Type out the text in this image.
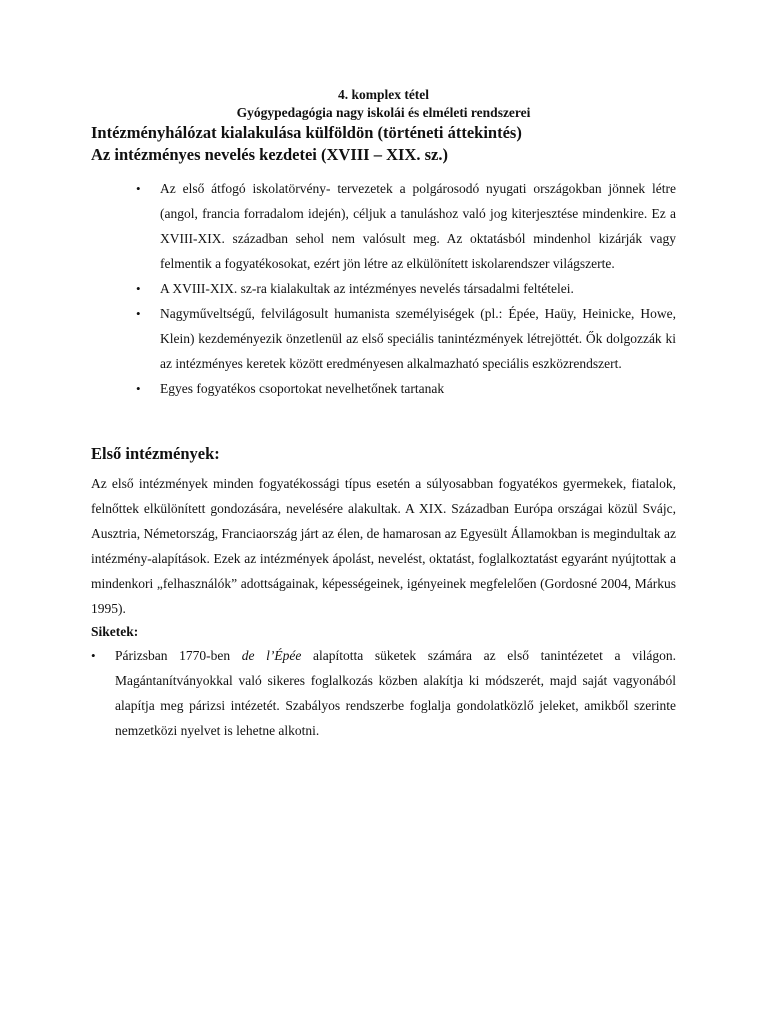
4. komplex tétel
Gyógypedagógia nagy iskolái és elméleti rendszerei
Intézményhálózat kialakulása külföldön (történeti áttekintés)
Az intézményes nevelés kezdetei (XVIII – XIX. sz.)
• Az első átfogó iskolatörvény- tervezetek a polgárosodó nyugati országokban jönnek létre (angol, francia forradalom idején), céljuk a tanuláshoz való jog kiterjesztése mindenkire. Ez a XVIII-XIX. században sehol nem valósult meg. Az oktatásból mindenhol kizárják vagy felmentik a fogyatékosokat, ezért jön létre az elkülönített iskolarendszer világszerte.
• A XVIII-XIX. sz-ra kialakultak az intézményes nevelés társadalmi feltételei.
• Nagyműveltségű, felvilágosult humanista személyiségek (pl.: Épée, Haüy, Heinicke, Howe, Klein) kezdeményezik önzetlenül az első speciális tanintézmények létrejöttét. Ők dolgozzák ki az intézményes keretek között eredményesen alkalmazható speciális eszközrendszert.
• Egyes fogyatékos csoportokat nevelhetőnek tartanak
Első intézmények:

Az első intézmények minden fogyatékossági típus esetén a súlyosabban fogyatékos gyermekek, fiatalok, felnőttek elkülönített gondozására, nevelésére alakultak. A XIX. Században Európa országai közül Svájc, Ausztria, Németország, Franciaország járt az élen, de hamarosan az Egyesült Államokban is megindultak az intézmény-alapítások. Ezek az intézmények ápolást, nevelést, oktatást, foglalkoztatást egyaránt nyújtottak a mindenkori „felhasználók” adottságainak, képességeinek, igényeinek megfelelően (Gordosné 2004, Márkus 1995).

Siketek:

• Párizsban 1770-ben de l’Épée alapította süketek számára az első tanintézetet a világon. Magántanítványokkal való sikeres foglalkozás közben alakítja ki módszerét, majd saját vagyonából alapítja meg párizsi intézetét. Szabályos rendszerbe foglalja gondolatközlő jeleket, amikből szerinte nemzetközi nyelvet is lehetne alkotni.
